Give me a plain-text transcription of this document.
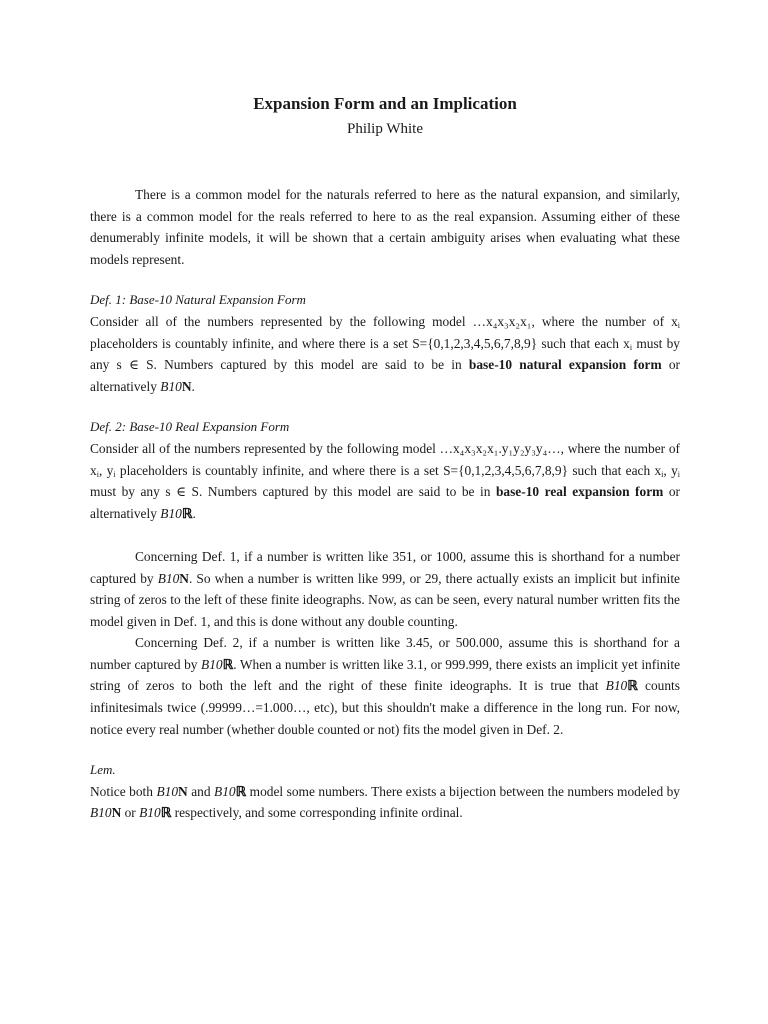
Expansion Form and an Implication
Philip White

There is a common model for the naturals referred to here as the natural expansion, and similarly, there is a common model for the reals referred to here to as the real expansion. Assuming either of these denumerably infinite models, it will be shown that a certain ambiguity arises when evaluating what these models represent.

Def. 1: Base-10 Natural Expansion Form

Consider all of the numbers represented by the following model …x₄x₃x₂x₁, where the number of $x_i$ placeholders is countably infinite, and where there is a set S={0,1,2,3,4,5,6,7,8,9} such that each $x_i$ must by any s ∈ S. Numbers captured by this model are said to be in base-10 natural expansion form or alternatively B10N.

Def. 2: Base-10 Real Expansion Form

Consider all of the numbers represented by the following model …x₄x₃x₂x₁.y₁y₂y₃y₄…, where the number of $x_i$, $y_i$ placeholders is countably infinite, and where there is a set S={0,1,2,3,4,5,6,7,8,9} such that each $x_i$, $y_i$ must by any s ∈ S. Numbers captured by this model are said to be in base-10 real expansion form or alternatively B10ℝ.

Concerning Def. 1, if a number is written like 351, or 1000, assume this is shorthand for a number captured by B10N. So when a number is written like 999, or 29, there actually exists an implicit but infinite string of zeros to the left of these finite ideographs. Now, as can be seen, every natural number written fits the model given in Def. 1, and this is done without any double counting.

Concerning Def. 2, if a number is written like 3.45, or 500.000, assume this is shorthand for a number captured by B10ℝ. When a number is written like 3.1, or 999.999, there exists an implicit yet infinite string of zeros to both the left and the right of these finite ideographs. It is true that B10ℝ counts infinitesimals twice (.99999…=1.000…, etc), but this shouldn't make a difference in the long run. For now, notice every real number (whether double counted or not) fits the model given in Def. 2.

Lem.

Notice both B10N and B10ℝ model some numbers. There exists a bijection between the numbers modeled by B10N or B10ℝ respectively, and some corresponding infinite ordinal.
